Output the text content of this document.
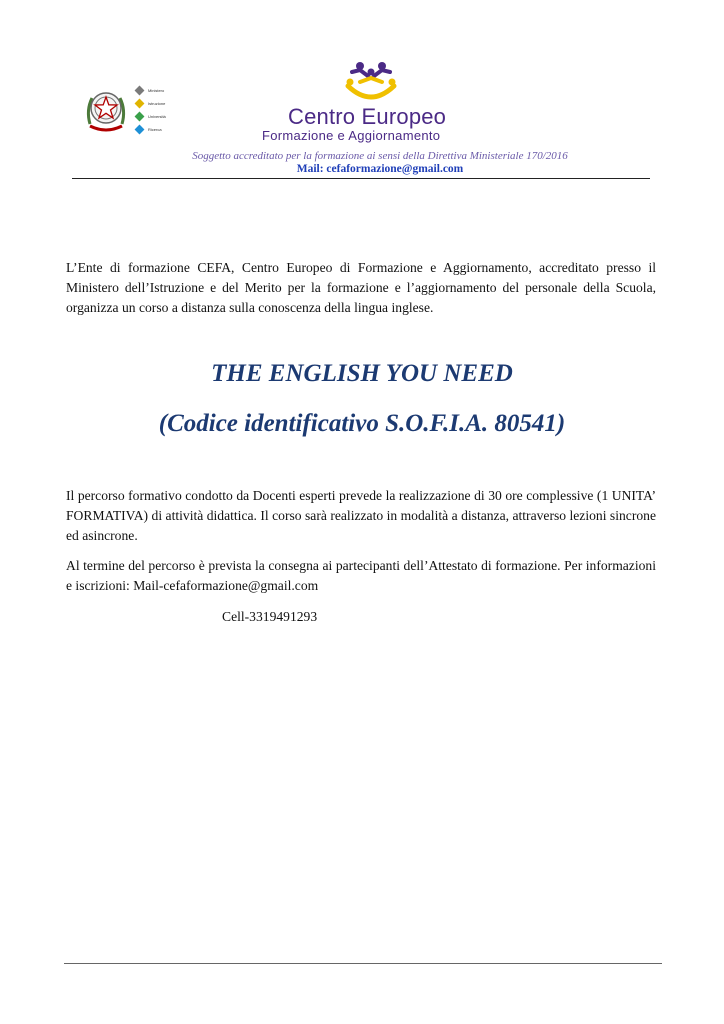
Ministero
Istruzione
Università
Ricerca
Centro Europeo
Formazione e Aggiornamento
Soggetto accreditato per la formazione ai sensi della Direttiva Ministeriale 170/2016
Mail: cefaformazione@gmail.com

L’Ente di formazione CEFA, Centro Europeo di Formazione e Aggiornamento, accreditato presso il Ministero dell’Istruzione e del Merito per la formazione e l’aggiornamento del personale della Scuola, organizza un corso a distanza sulla conoscenza della lingua inglese.

THE ENGLISH YOU NEED
(Codice identificativo S.O.F.I.A. 80541)

Il percorso formativo condotto da Docenti esperti prevede la realizzazione di 30 ore complessive (1 UNITA’ FORMATIVA) di attività didattica. Il corso sarà realizzato in modalità a distanza, attraverso lezioni sincrone ed asincrone.

Al termine del percorso è prevista la consegna ai partecipanti dell’Attestato di formazione. Per informazioni e iscrizioni: Mail-cefaformazione@gmail.com

Cell-3319491293
